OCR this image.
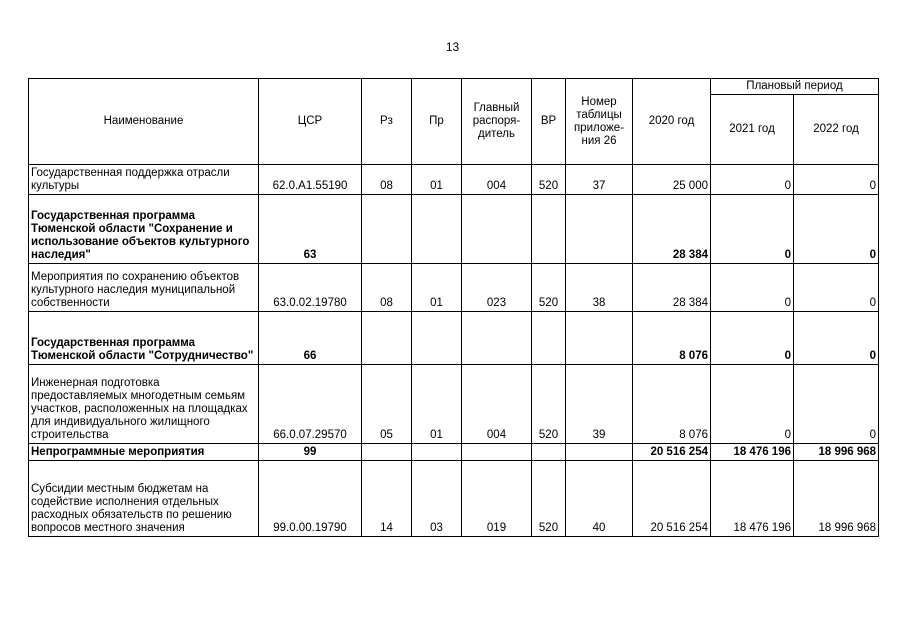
13
Наименование	ЦСР	Рз	Пр	Главный распоря-дитель	ВР	Номер таблицы приложе-ния 26	2020 год	Плановый период	
								2021 год	2022 год
Государственная поддержка отрасли культуры	62.0.А1.55190	08	01	004	520	37	25 000	0	0
Государственная программа Тюменской области "Сохранение и использование объектов культурного наследия"	63						28 384	0	0
Мероприятия по сохранению объектов культурного наследия муниципальной собственности	63.0.02.19780	08	01	023	520	38	28 384	0	0
Государственная программа Тюменской области "Сотрудничество"	66						8 076	0	0
Инженерная подготовка предоставляемых многодетным семьям участков, расположенных на площадках для индивидуального жилищного строительства	66.0.07.29570	05	01	004	520	39	8 076	0	0
Непрограммные мероприятия	99						20 516 254	18 476 196	18 996 968
Субсидии местным бюджетам на содействие исполнения отдельных расходных обязательств по решению вопросов местного значения	99.0.00.19790	14	03	019	520	40	20 516 254	18 476 196	18 996 968
